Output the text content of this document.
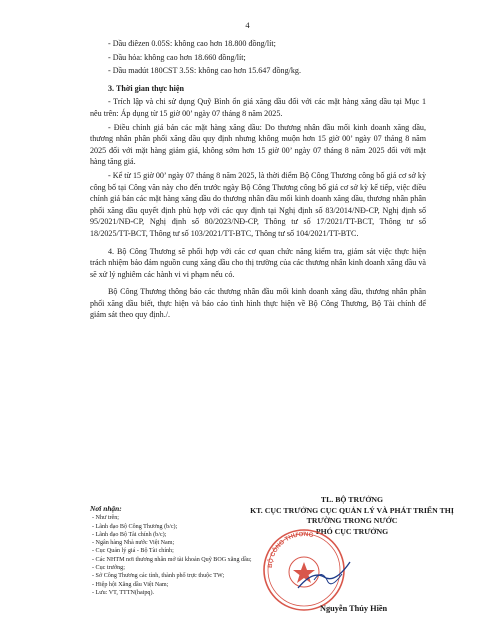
4

- Dầu điêzen 0.05S: không cao hơn 18.800 đồng/lít;

- Dầu hỏa: không cao hơn 18.660 đồng/lít;

- Dầu madút 180CST 3.5S: không cao hơn 15.647 đồng/kg.

3. Thời gian thực hiện

- Trích lập và chi sử dụng Quỹ Bình ổn giá xăng dầu đối với các mặt hàng xăng dầu tại Mục 1 nêu trên: Áp dụng từ 15 giờ 00’ ngày 07 tháng 8 năm 2025.

- Điều chỉnh giá bán các mặt hàng xăng dầu: Do thương nhân đầu mối kinh doanh xăng dầu, thương nhân phân phối xăng dầu quy định nhưng không muộn hơn 15 giờ 00’ ngày 07 tháng 8 năm 2025 đối với mặt hàng giảm giá, không sớm hơn 15 giờ 00’ ngày 07 tháng 8 năm 2025 đối với mặt hàng tăng giá.

- Kể từ 15 giờ 00’ ngày 07 tháng 8 năm 2025, là thời điểm Bộ Công Thương công bố giá cơ sở kỳ công bố tại Công văn này cho đến trước ngày Bộ Công Thương công bố giá cơ sở kỳ kế tiếp, việc điều chỉnh giá bán các mặt hàng xăng dầu do thương nhân đầu mối kinh doanh xăng dầu, thương nhân phân phối xăng dầu quyết định phù hợp với các quy định tại Nghị định số 83/2014/NĐ-CP, Nghị định số 95/2021/NĐ-CP, Nghị định số 80/2023/NĐ-CP, Thông tư số 17/2021/TT-BCT, Thông tư số 18/2025/TT-BCT, Thông tư số 103/2021/TT-BTC, Thông tư số 104/2021/TT-BTC.

4. Bộ Công Thương sẽ phối hợp với các cơ quan chức năng kiểm tra, giám sát việc thực hiện trách nhiệm bảo đảm nguồn cung xăng dầu cho thị trường của các thương nhân kinh doanh xăng dầu và sẽ xử lý nghiêm các hành vi vi phạm nếu có.

Bộ Công Thương thông báo các thương nhân đầu mối kinh doanh xăng dầu, thương nhân phân phối xăng dầu biết, thực hiện và báo cáo tình hình thực hiện về Bộ Công Thương, Bộ Tài chính để giám sát theo quy định./.

Nơi nhận:
- Như trên;
- Lãnh đạo Bộ Công Thương (b/c);
- Lãnh đạo Bộ Tài chính (b/c);
- Ngân hàng Nhà nước Việt Nam;
- Cục Quản lý giá - Bộ Tài chính;
- Các NHTM nơi thương nhân mở tài khoản Quỹ BOG xăng dầu;
- Cục trưởng;
- Sở Công Thương các tỉnh, thành phố trực thuộc TW;
- Hiệp hội Xăng dầu Việt Nam;
- Lưu: VT, TTTN(haipq).
TL. BỘ TRƯỞNG
KT. CỤC TRƯỞNG CỤC QUẢN LÝ VÀ PHÁT TRIỂN THỊ TRƯỜNG TRONG NƯỚC
PHÓ CỤC TRƯỞNG
BỘ CÔNG THƯƠNG
Nguyễn Thúy Hiền
